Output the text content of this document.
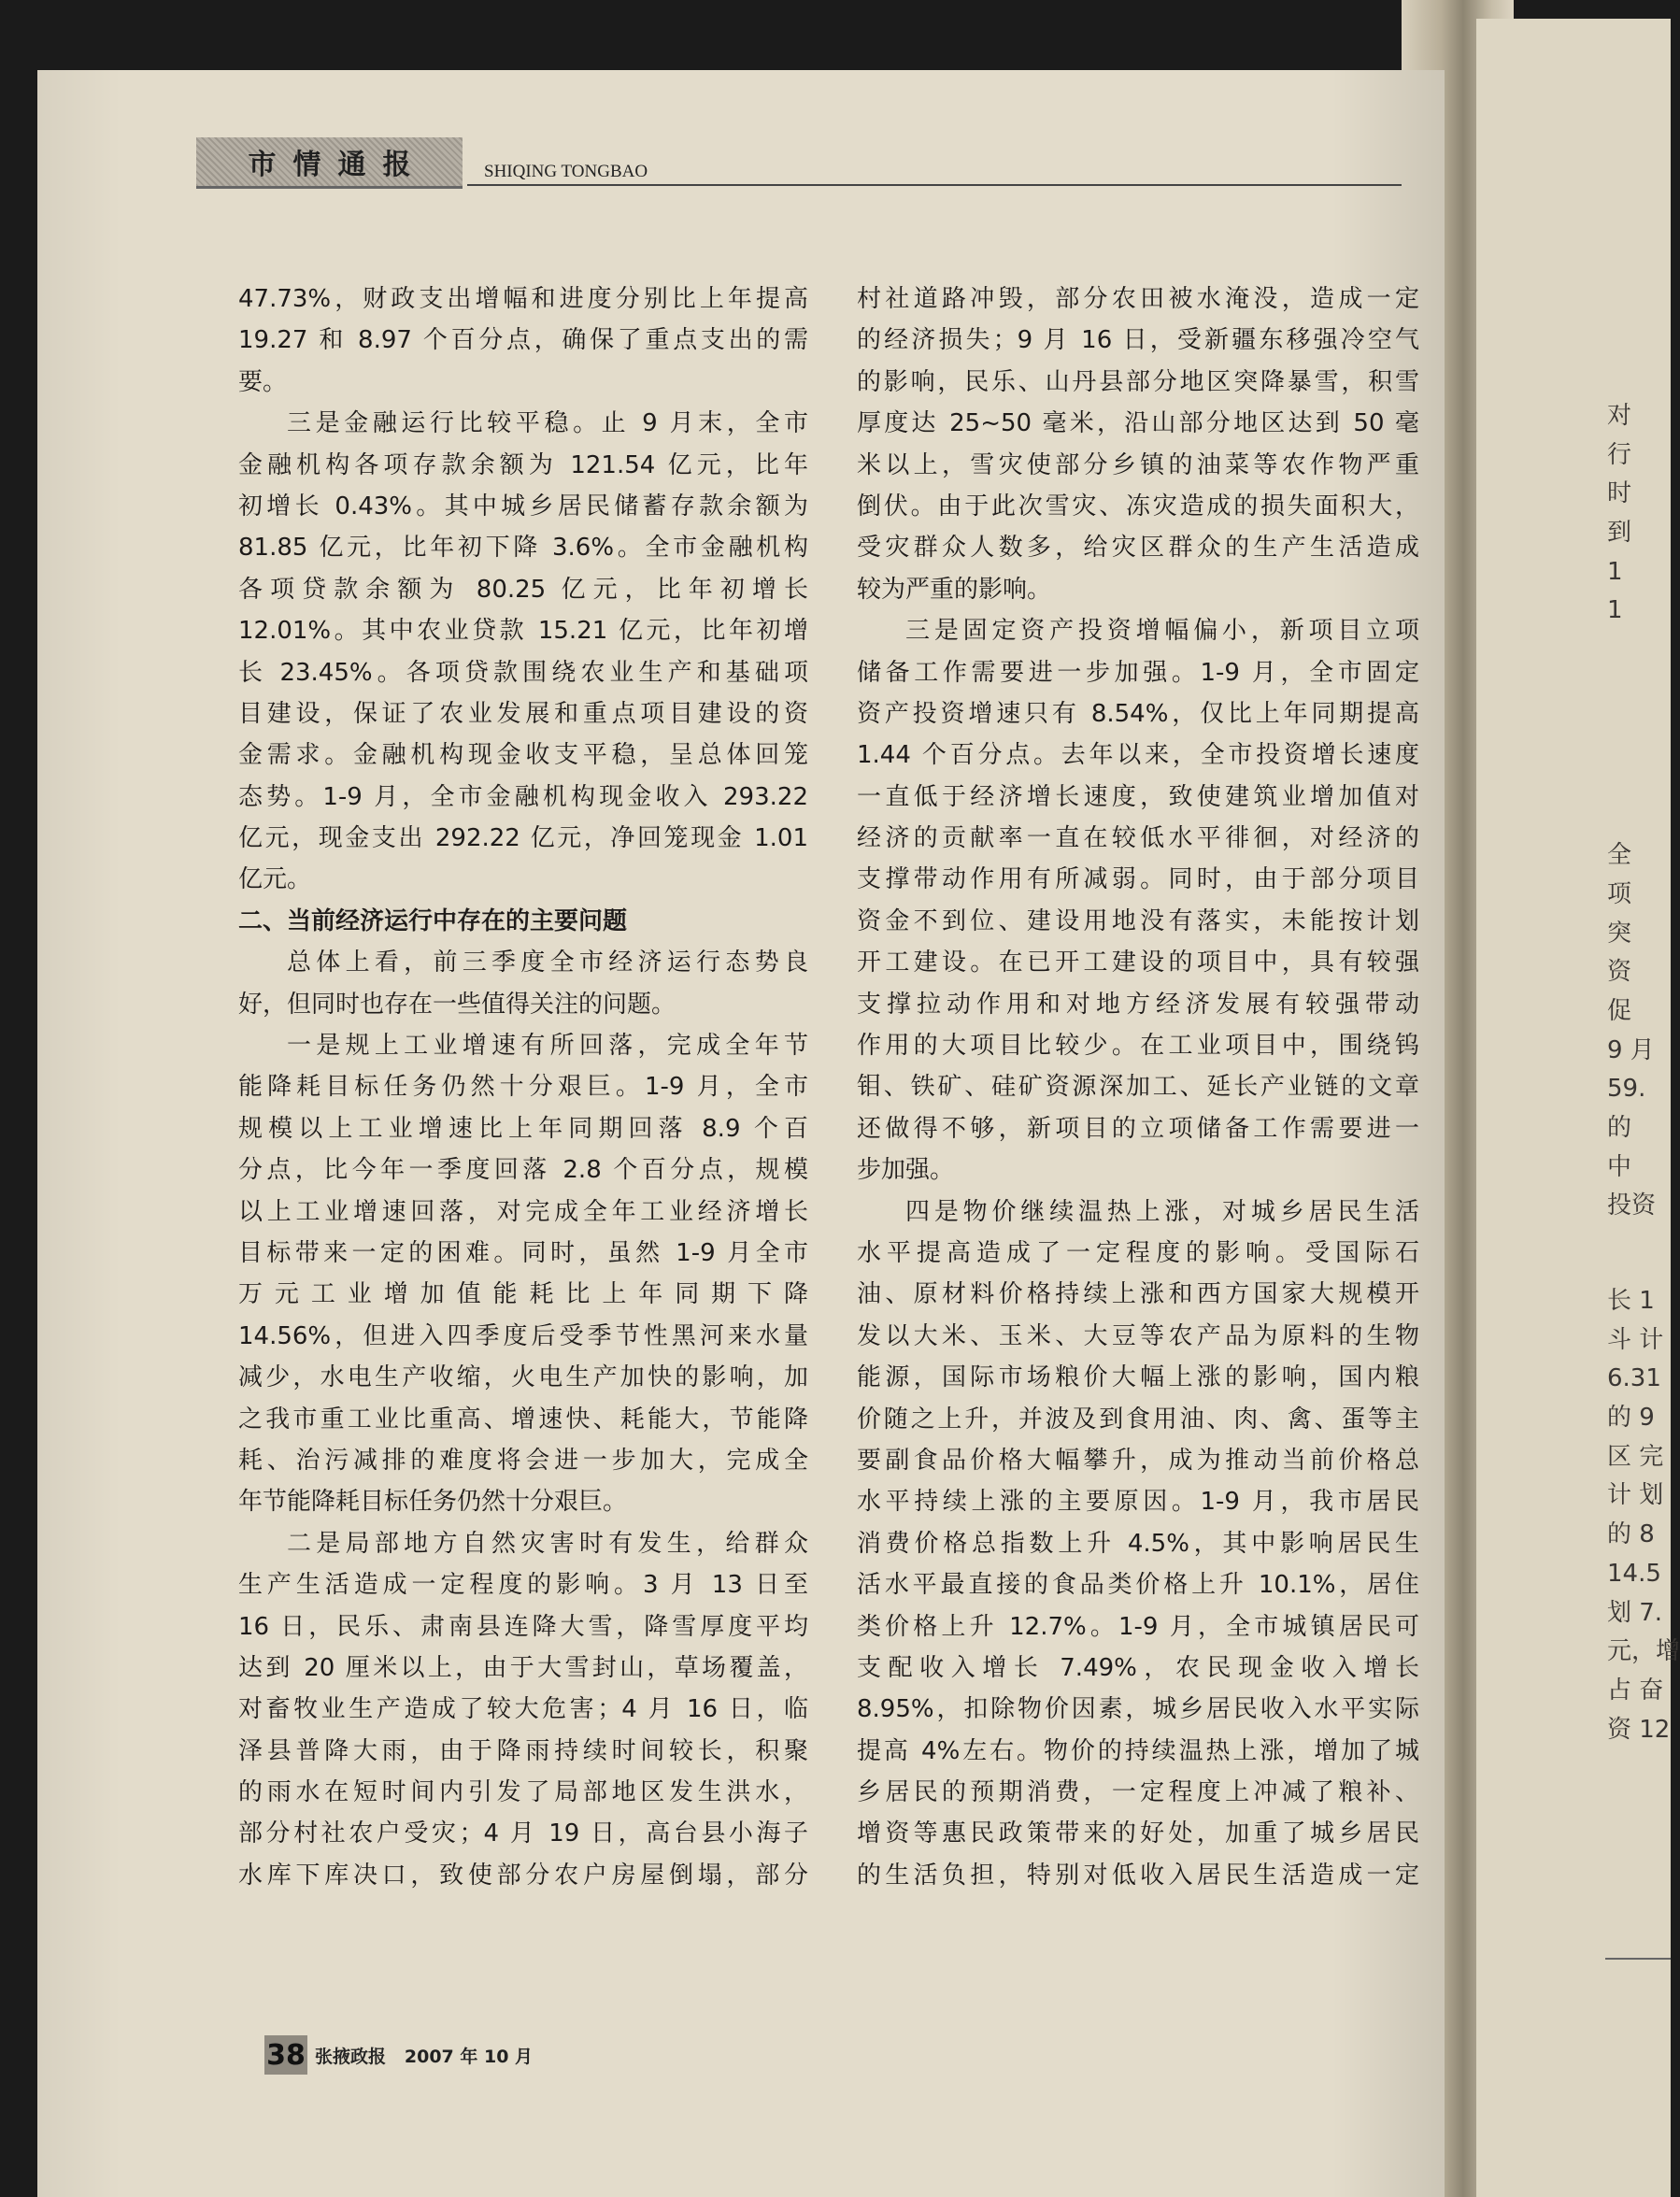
对
行
时
到
1
1
全
项
突
资
促
9 月
59.
的
中
投资
长 1
斗 计
6.31
的 9
区 完
计 划
的 8
14.5
划 7.
元，增
占 奋
资 12
市情通报	SHIQING TONGBAO
47.73%，财政支出增幅和进度分别比上年提高
19.27 和 8.97 个百分点，确保了重点支出的需
要。
三是金融运行比较平稳。止 9 月末，全市
金融机构各项存款余额为 121.54 亿元，比年
初增长 0.43%。其中城乡居民储蓄存款余额为
81.85 亿元，比年初下降 3.6%。全市金融机构
各项贷款余额为 80.25 亿元，比年初增长
12.01%。其中农业贷款 15.21 亿元，比年初增
长 23.45%。各项贷款围绕农业生产和基础项
目建设，保证了农业发展和重点项目建设的资
金需求。金融机构现金收支平稳，呈总体回笼
态势。1-9 月，全市金融机构现金收入 293.22
亿元，现金支出 292.22 亿元，净回笼现金 1.01
亿元。
二、当前经济运行中存在的主要问题
总体上看，前三季度全市经济运行态势良
好，但同时也存在一些值得关注的问题。
一是规上工业增速有所回落，完成全年节
能降耗目标任务仍然十分艰巨。1-9 月，全市
规模以上工业增速比上年同期回落 8.9 个百
分点，比今年一季度回落 2.8 个百分点，规模
以上工业增速回落，对完成全年工业经济增长
目标带来一定的困难。同时，虽然 1-9 月全市
万元工业增加值能耗比上年同期下降
14.56%，但进入四季度后受季节性黑河来水量
减少，水电生产收缩，火电生产加快的影响，加
之我市重工业比重高、增速快、耗能大，节能降
耗、治污减排的难度将会进一步加大，完成全
年节能降耗目标任务仍然十分艰巨。
二是局部地方自然灾害时有发生，给群众
生产生活造成一定程度的影响。3 月 13 日至
16 日，民乐、肃南县连降大雪，降雪厚度平均
达到 20 厘米以上，由于大雪封山，草场覆盖，
对畜牧业生产造成了较大危害；4 月 16 日，临
泽县普降大雨，由于降雨持续时间较长，积聚
的雨水在短时间内引发了局部地区发生洪水，
部分村社农户受灾；4 月 19 日，高台县小海子
水库下库决口，致使部分农户房屋倒塌，部分
村社道路冲毁，部分农田被水淹没，造成一定
的经济损失；9 月 16 日，受新疆东移强冷空气
的影响，民乐、山丹县部分地区突降暴雪，积雪
厚度达 25~50 毫米，沿山部分地区达到 50 毫
米以上，雪灾使部分乡镇的油菜等农作物严重
倒伏。由于此次雪灾、冻灾造成的损失面积大，
受灾群众人数多，给灾区群众的生产生活造成
较为严重的影响。
三是固定资产投资增幅偏小，新项目立项
储备工作需要进一步加强。1-9 月，全市固定
资产投资增速只有 8.54%，仅比上年同期提高
1.44 个百分点。去年以来，全市投资增长速度
一直低于经济增长速度，致使建筑业增加值对
经济的贡献率一直在较低水平徘徊，对经济的
支撑带动作用有所减弱。同时，由于部分项目
资金不到位、建设用地没有落实，未能按计划
开工建设。在已开工建设的项目中，具有较强
支撑拉动作用和对地方经济发展有较强带动
作用的大项目比较少。在工业项目中，围绕钨
钼、铁矿、硅矿资源深加工、延长产业链的文章
还做得不够，新项目的立项储备工作需要进一
步加强。
四是物价继续温热上涨，对城乡居民生活
水平提高造成了一定程度的影响。受国际石
油、原材料价格持续上涨和西方国家大规模开
发以大米、玉米、大豆等农产品为原料的生物
能源，国际市场粮价大幅上涨的影响，国内粮
价随之上升，并波及到食用油、肉、禽、蛋等主
要副食品价格大幅攀升，成为推动当前价格总
水平持续上涨的主要原因。1-9 月，我市居民
消费价格总指数上升 4.5%，其中影响居民生
活水平最直接的食品类价格上升 10.1%，居住
类价格上升 12.7%。1-9 月，全市城镇居民可
支配收入增长 7.49%，农民现金收入增长
8.95%，扣除物价因素，城乡居民收入水平实际
提高 4%左右。物价的持续温热上涨，增加了城
乡居民的预期消费，一定程度上冲减了粮补、
增资等惠民政策带来的好处，加重了城乡居民
的生活负担，特别对低收入居民生活造成一定
38 张掖政报 2007 年 10 月
